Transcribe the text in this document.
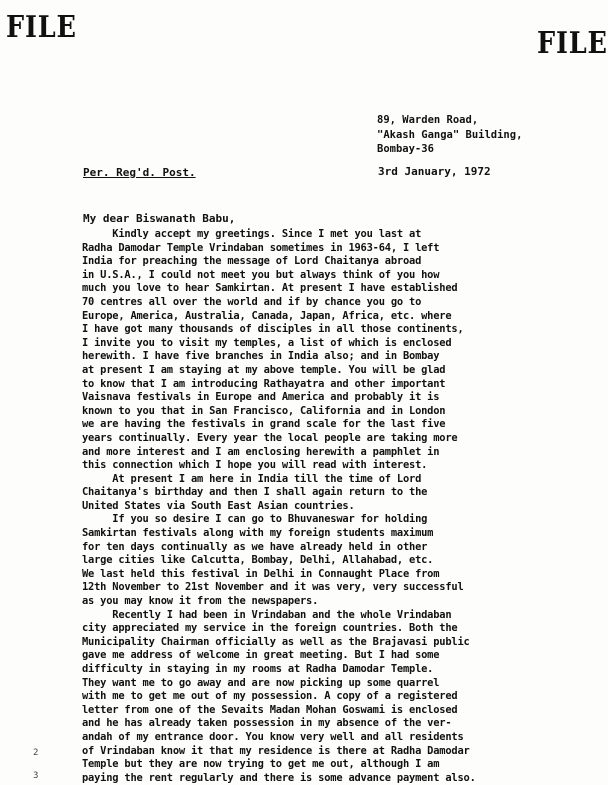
FILE	FILE
89, Warden Road,
"Akash Ganga" Building,
Bombay-36
Per. Reg'd. Post.	3rd January, 1972
My dear Biswanath Babu,
Kindly accept my greetings. Since I met you last at
Radha Damodar Temple Vrindaban sometimes in 1963-64, I left
India for preaching the message of Lord Chaitanya abroad
in U.S.A., I could not meet you but always think of you how
much you love to hear Samkirtan. At present I have established
70 centres all over the world and if by chance you go to
Europe, America, Australia, Canada, Japan, Africa, etc. where
I have got many thousands of disciples in all those continents,
I invite you to visit my temples, a list of which is enclosed
herewith. I have five branches in India also; and in Bombay
at present I am staying at my above temple. You will be glad
to know that I am introducing Rathayatra and other important
Vaisnava festivals in Europe and America and probably it is
known to you that in San Francisco, California and in London
we are having the festivals in grand scale for the last five
years continually. Every year the local people are taking more
and more interest and I am enclosing herewith a pamphlet in
this connection which I hope you will read with interest.
At present I am here in India till the time of Lord
Chaitanya's birthday and then I shall again return to the
United States via South East Asian countries.
If you so desire I can go to Bhuvaneswar for holding
Samkirtan festivals along with my foreign students maximum
for ten days continually as we have already held in other
large cities like Calcutta, Bombay, Delhi, Allahabad, etc.
We last held this festival in Delhi in Connaught Place from
12th November to 21st November and it was very, very successful
as you may know it from the newspapers.
Recently I had been in Vrindaban and the whole Vrindaban
city appreciated my service in the foreign countries. Both the
Municipality Chairman officially as well as the Brajavasi public
gave me address of welcome in great meeting. But I had some
difficulty in staying in my rooms at Radha Damodar Temple.
They want me to go away and are now picking up some quarrel
with me to get me out of my possession. A copy of a registered
letter from one of the Sevaits Madan Mohan Goswami is enclosed
and he has already taken possession in my absence of the ver-
andah of my entrance door. You know very well and all residents
of Vrindaban know it that my residence is there at Radha Damodar
Temple but they are now trying to get me out, although I am
paying the rent regularly and there is some advance payment also.
2
3
